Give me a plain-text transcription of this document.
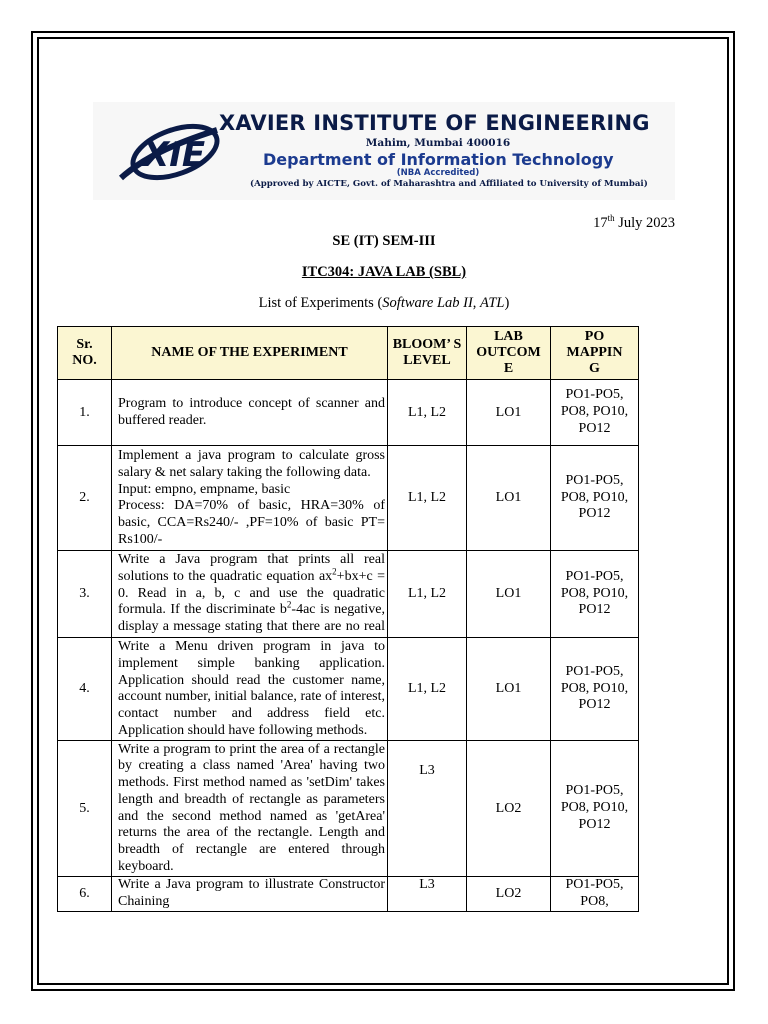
XIE
XAVIER INSTITUTE OF ENGINEERING
Mahim, Mumbai 400016
Department of Information Technology
(NBA Accredited)
(Approved by AICTE, Govt. of Maharashtra and Affiliated to University of Mumbai)
17th July 2023
SE (IT) SEM-III
ITC304: JAVA LAB (SBL)
List of Experiments (Software Lab II, ATL)
Sr. NO.	NAME OF THE EXPERIMENT	BLOOM’ S LEVEL	LAB OUTCOM E	PO MAPPIN G

1.	Program to introduce concept of scanner and buffered reader.	L1, L2	LO1	PO1-PO5, PO8, PO10, PO12

2.	Implement a java program to calculate gross salary & net salary taking the following data.
Input: empno, empname, basic
Process: DA=70% of basic, HRA=30% of basic, CCA=Rs240/- ,PF=10% of basic PT= Rs100/-	L1, L2	LO1	PO1-PO5, PO8, PO10, PO12

3.	Write a Java program that prints all real solutions to the quadratic equation $ax^2+bx+c = 0$. Read in a, b, c and use the quadratic formula. If the discriminate $b^2-4ac$ is negative, display a message stating that there are no real	L1, L2	LO1	PO1-PO5, PO8, PO10, PO12

4.	Write a Menu driven program in java to implement simple banking application. Application should read the customer name, account number, initial balance, rate of interest, contact number and address field etc. Application should have following methods.	L1, L2	LO1	PO1-PO5, PO8, PO10, PO12

5.	Write a program to print the area of a rectangle by creating a class named 'Area' having two methods. First method named as 'setDim' takes length and breadth of rectangle as parameters and the second method named as 'getArea' returns the area of the rectangle. Length and breadth of rectangle are entered through keyboard.	L3	LO2	PO1-PO5, PO8, PO10, PO12

6.	Write a Java program to illustrate Constructor Chaining	L3	LO2	PO1-PO5, PO8,
